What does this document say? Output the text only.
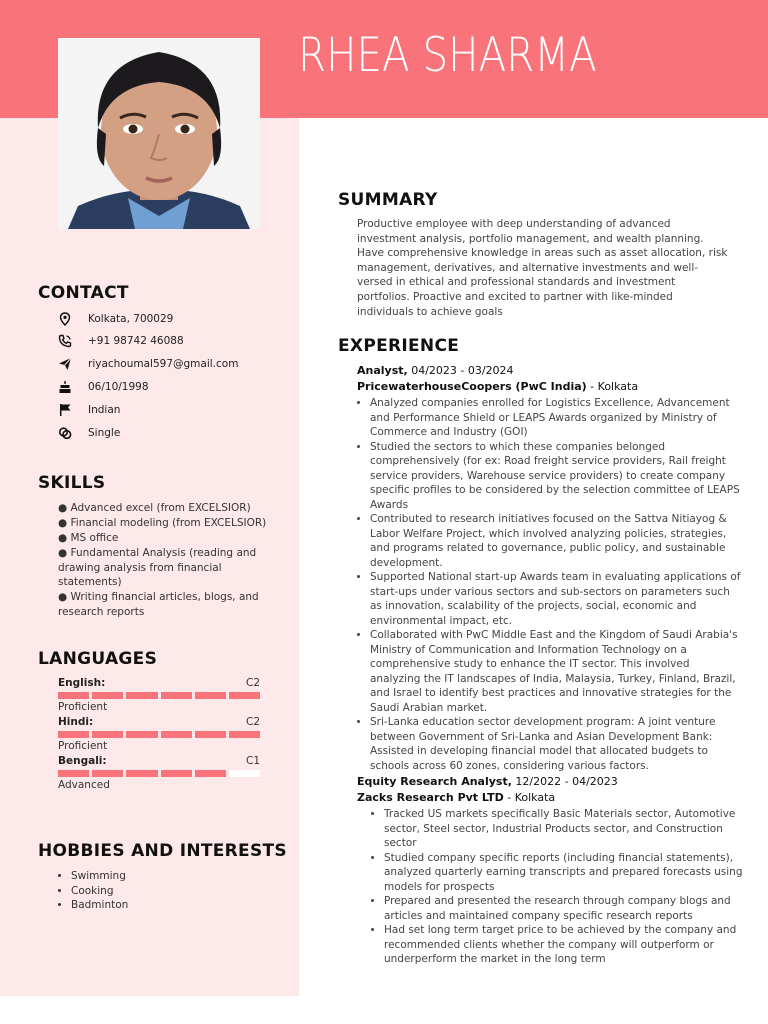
RHEA SHARMA
CONTACT
Kolkata, 700029
+91 98742 46088
riyachoumal597@gmail.com
06/10/1998
Indian
Single
SKILLS
● Advanced excel (from EXCELSIOR)
● Financial modeling (from EXCELSIOR)
● MS office
● Fundamental Analysis (reading and drawing analysis from financial statements)
● Writing financial articles, blogs, and research reports
LANGUAGES
English:	C2
Proficient
Hindi:	C2
Proficient
Bengali:	C1
Advanced
HOBBIES AND INTERESTS
• Swimming
• Cooking
• Badminton
SUMMARY

Productive employee with deep understanding of advanced investment analysis, portfolio management, and wealth planning. Have comprehensive knowledge in areas such as asset allocation, risk management, derivatives, and alternative investments and well-versed in ethical and professional standards and investment portfolios. Proactive and excited to partner with like-minded individuals to achieve goals

EXPERIENCE
Analyst, 04/2023 - 03/2024
PricewaterhouseCoopers (PwC India) - Kolkata
• Analyzed companies enrolled for Logistics Excellence, Advancement and Performance Shield or LEAPS Awards organized by Ministry of Commerce and Industry (GOI)
• Studied the sectors to which these companies belonged comprehensively (for ex: Road freight service providers, Rail freight service providers, Warehouse service providers) to create company specific profiles to be considered by the selection committee of LEAPS Awards
• Contributed to research initiatives focused on the Sattva Nitiayog & Labor Welfare Project, which involved analyzing policies, strategies, and programs related to governance, public policy, and sustainable development.
• Supported National start-up Awards team in evaluating applications of start-ups under various sectors and sub-sectors on parameters such as innovation, scalability of the projects, social, economic and environmental impact, etc.
• Collaborated with PwC Middle East and the Kingdom of Saudi Arabia's Ministry of Communication and Information Technology on a comprehensive study to enhance the IT sector. This involved analyzing the IT landscapes of India, Malaysia, Turkey, Finland, Brazil, and Israel to identify best practices and innovative strategies for the Saudi Arabian market.
• Sri-Lanka education sector development program: A joint venture between Government of Sri-Lanka and Asian Development Bank: Assisted in developing financial model that allocated budgets to schools across 60 zones, considering various factors.
Equity Research Analyst, 12/2022 - 04/2023
Zacks Research Pvt LTD - Kolkata
• Tracked US markets specifically Basic Materials sector, Automotive sector, Steel sector, Industrial Products sector, and Construction sector
• Studied company specific reports (including financial statements), analyzed quarterly earning transcripts and prepared forecasts using models for prospects
• Prepared and presented the research through company blogs and articles and maintained company specific research reports
• Had set long term target price to be achieved by the company and recommended clients whether the company will outperform or underperform the market in the long term
